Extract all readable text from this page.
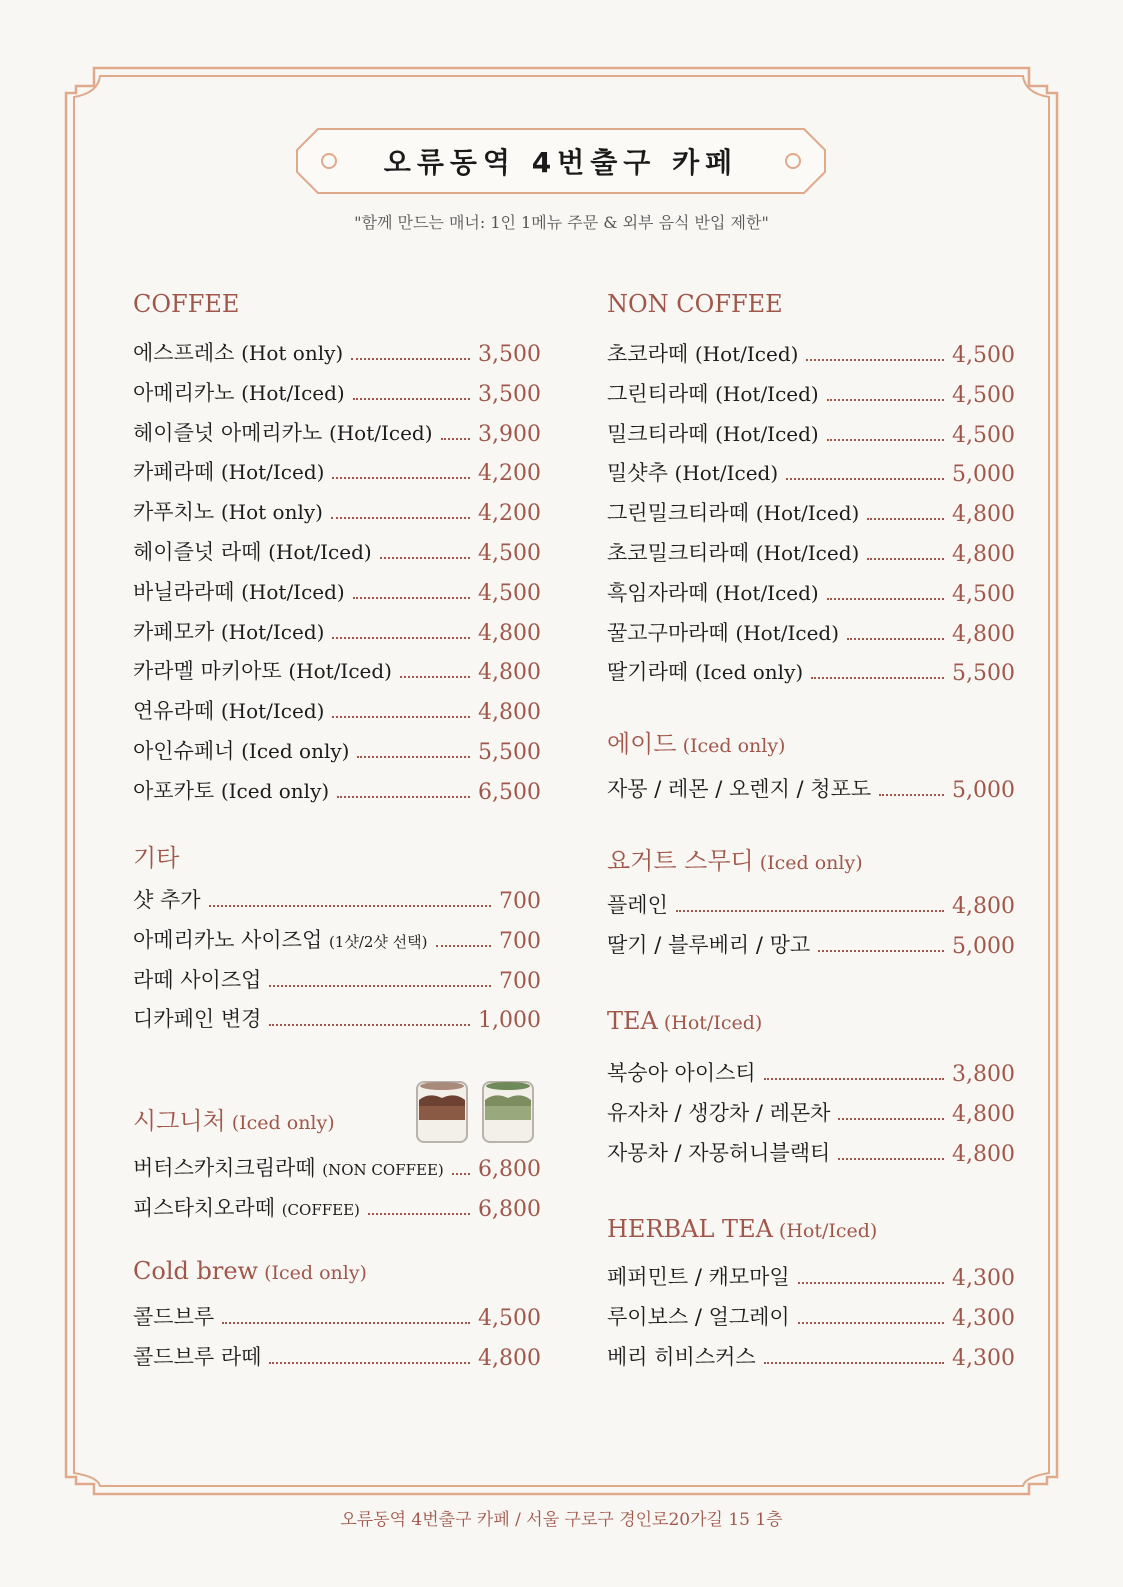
오류동역 4번출구 카페
"함께 만드는 매너: 1인 1메뉴 주문 & 외부 음식 반입 제한"
COFFEE
에스프레소 (Hot only)	3,500
아메리카노 (Hot/Iced)	3,500
헤이즐넛 아메리카노 (Hot/Iced) 3,900
카페라떼 (Hot/Iced)	4,200
카푸치노 (Hot only)	4,200
헤이즐넛 라떼 (Hot/Iced)	4,500
바닐라라떼 (Hot/Iced)	4,500
카페모카 (Hot/Iced)	4,800
카라멜 마키아또 (Hot/Iced)	4,800
연유라떼 (Hot/Iced)	4,800
아인슈페너 (Iced only)	5,500
아포카토 (Iced only)	6,500
기타
샷 추가	700
아메리카노 사이즈업 (1샷/2샷 선택)	700
라떼 사이즈업	700
디카페인 변경	1,000
시그니처 (Iced only)
버터스카치크림라떼 (NON COFFEE) 6,800
피스타치오라떼 (COFFEE)	6,800
Cold brew (Iced only)
콜드브루	4,500
콜드브루 라떼	4,800
NON COFFEE
초코라떼 (Hot/Iced)	4,500
그린티라떼 (Hot/Iced)	4,500
밀크티라떼 (Hot/Iced)	4,500
밀샷추 (Hot/Iced)	5,000
그린밀크티라떼 (Hot/Iced)	4,800
초코밀크티라떼 (Hot/Iced)	4,800
흑임자라떼 (Hot/Iced)	4,500
꿀고구마라떼 (Hot/Iced)	4,800
딸기라떼 (Iced only)	5,500
에이드 (Iced only)
자몽 / 레몬 / 오렌지 / 청포도	5,000
요거트 스무디 (Iced only)
플레인	4,800
딸기 / 블루베리 / 망고	5,000
TEA (Hot/Iced)
복숭아 아이스티	3,800
유자차 / 생강차 / 레몬차	4,800
자몽차 / 자몽허니블랙티	4,800
HERBAL TEA (Hot/Iced)
페퍼민트 / 캐모마일	4,300
루이보스 / 얼그레이	4,300
베리 히비스커스	4,300
오류동역 4번출구 카페 / 서울 구로구 경인로20가길 15 1층
